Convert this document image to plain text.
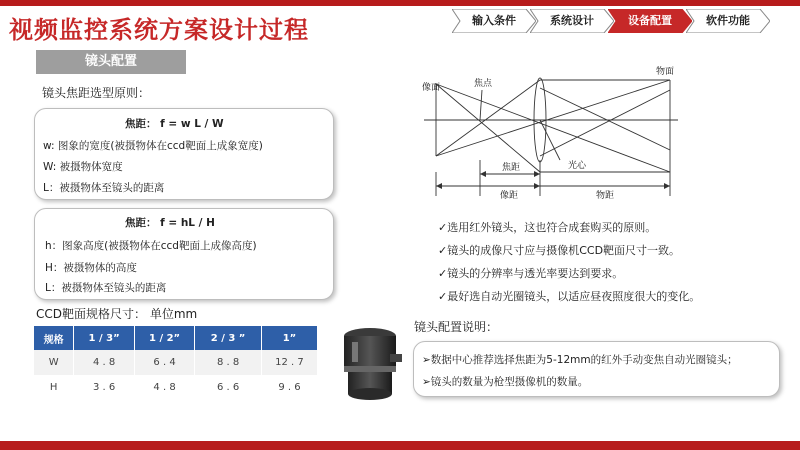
视频监控系统方案设计过程	输入条件	系统设计	设备配置	软件功能
镜头配置
镜头焦距选型原则：
焦距： f = w L / W
w: 图象的宽度(被摄物体在ccd靶面上成象宽度)
W: 被摄物体宽度
L：被摄物体至镜头的距离
焦距： f = hL / H
h：图象高度(被摄物体在ccd靶面上成像高度)
H：被摄物体的高度
L：被摄物体至镜头的距离
CCD靶面规格尺寸： 单位mm
规格	1 / 3”	1 / 2”	2 / 3 ”	1”
W	4 . 8	6 . 4	8 . 8	12 . 7
H	3 . 6	4 . 8	6 . 6	9 . 6
像面	焦点
物面
光心
焦距
像距	物距
✓选用红外镜头，这也符合成套购买的原则。
✓镜头的成像尺寸应与摄像机CCD靶面尺寸一致。
✓镜头的分辨率与透光率要达到要求。
✓最好选自动光圈镜头，以适应昼夜照度很大的变化。
镜头配置说明：
➢数据中心推荐选择焦距为5-12mm的红外手动变焦自动光圈镜头；
➢镜头的数量为枪型摄像机的数量。
